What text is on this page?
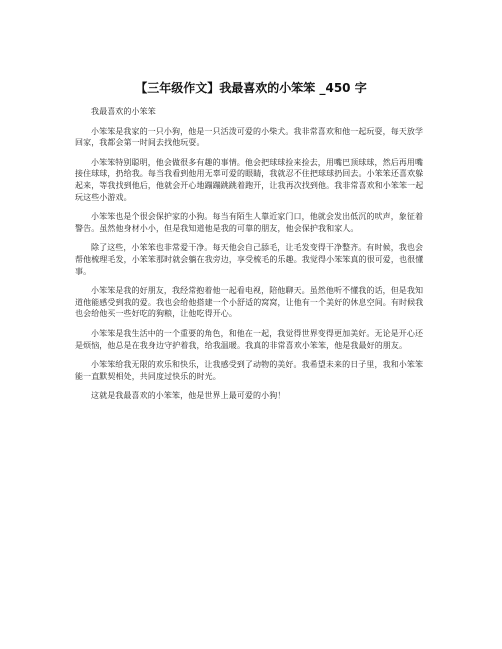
【三年级作文】我最喜欢的小笨笨 _450 字

我最喜欢的小笨笨

小笨笨是我家的一只小狗，他是一只活泼可爱的小柴犬。我非常喜欢和他一起玩耍，每天放学回家，我都会第一时间去找他玩耍。

小笨笨特别聪明，他会做很多有趣的事情。他会把球球捡来捡去，用嘴巴顶球球，然后再用嘴接住球球，扔给我。每当我看到他用无辜可爱的眼睛，我就忍不住把球球扔回去。小笨笨还喜欢躲起来，等我找到他后，他就会开心地蹦蹦跳跳着跑开，让我再次找到他。我非常喜欢和小笨笨一起玩这些小游戏。

小笨笨也是个很会保护家的小狗。每当有陌生人靠近家门口，他就会发出低沉的吠声，象征着警告。虽然他身材小小，但是我知道他是我的可靠的朋友，他会保护我和家人。

除了这些，小笨笨也非常爱干净。每天他会自己舔毛，让毛发变得干净整齐。有时候，我也会帮他梳理毛发，小笨笨那时就会躺在我旁边，享受梳毛的乐趣。我觉得小笨笨真的很可爱，也很懂事。

小笨笨是我的好朋友，我经常抱着他一起看电视，陪他聊天。虽然他听不懂我的话，但是我知道他能感受到我的爱。我也会给他搭建一个小舒适的窝窝，让他有一个美好的休息空间。有时候我也会给他买一些好吃的狗粮，让他吃得开心。

小笨笨是我生活中的一个重要的角色，和他在一起，我觉得世界变得更加美好。无论是开心还是烦恼，他总是在我身边守护着我，给我温暖。我真的非常喜欢小笨笨，他是我最好的朋友。

小笨笨给我无限的欢乐和快乐，让我感受到了动物的美好。我希望未来的日子里，我和小笨笨能一直默契相处，共同度过快乐的时光。

这就是我最喜欢的小笨笨，他是世界上最可爱的小狗！
